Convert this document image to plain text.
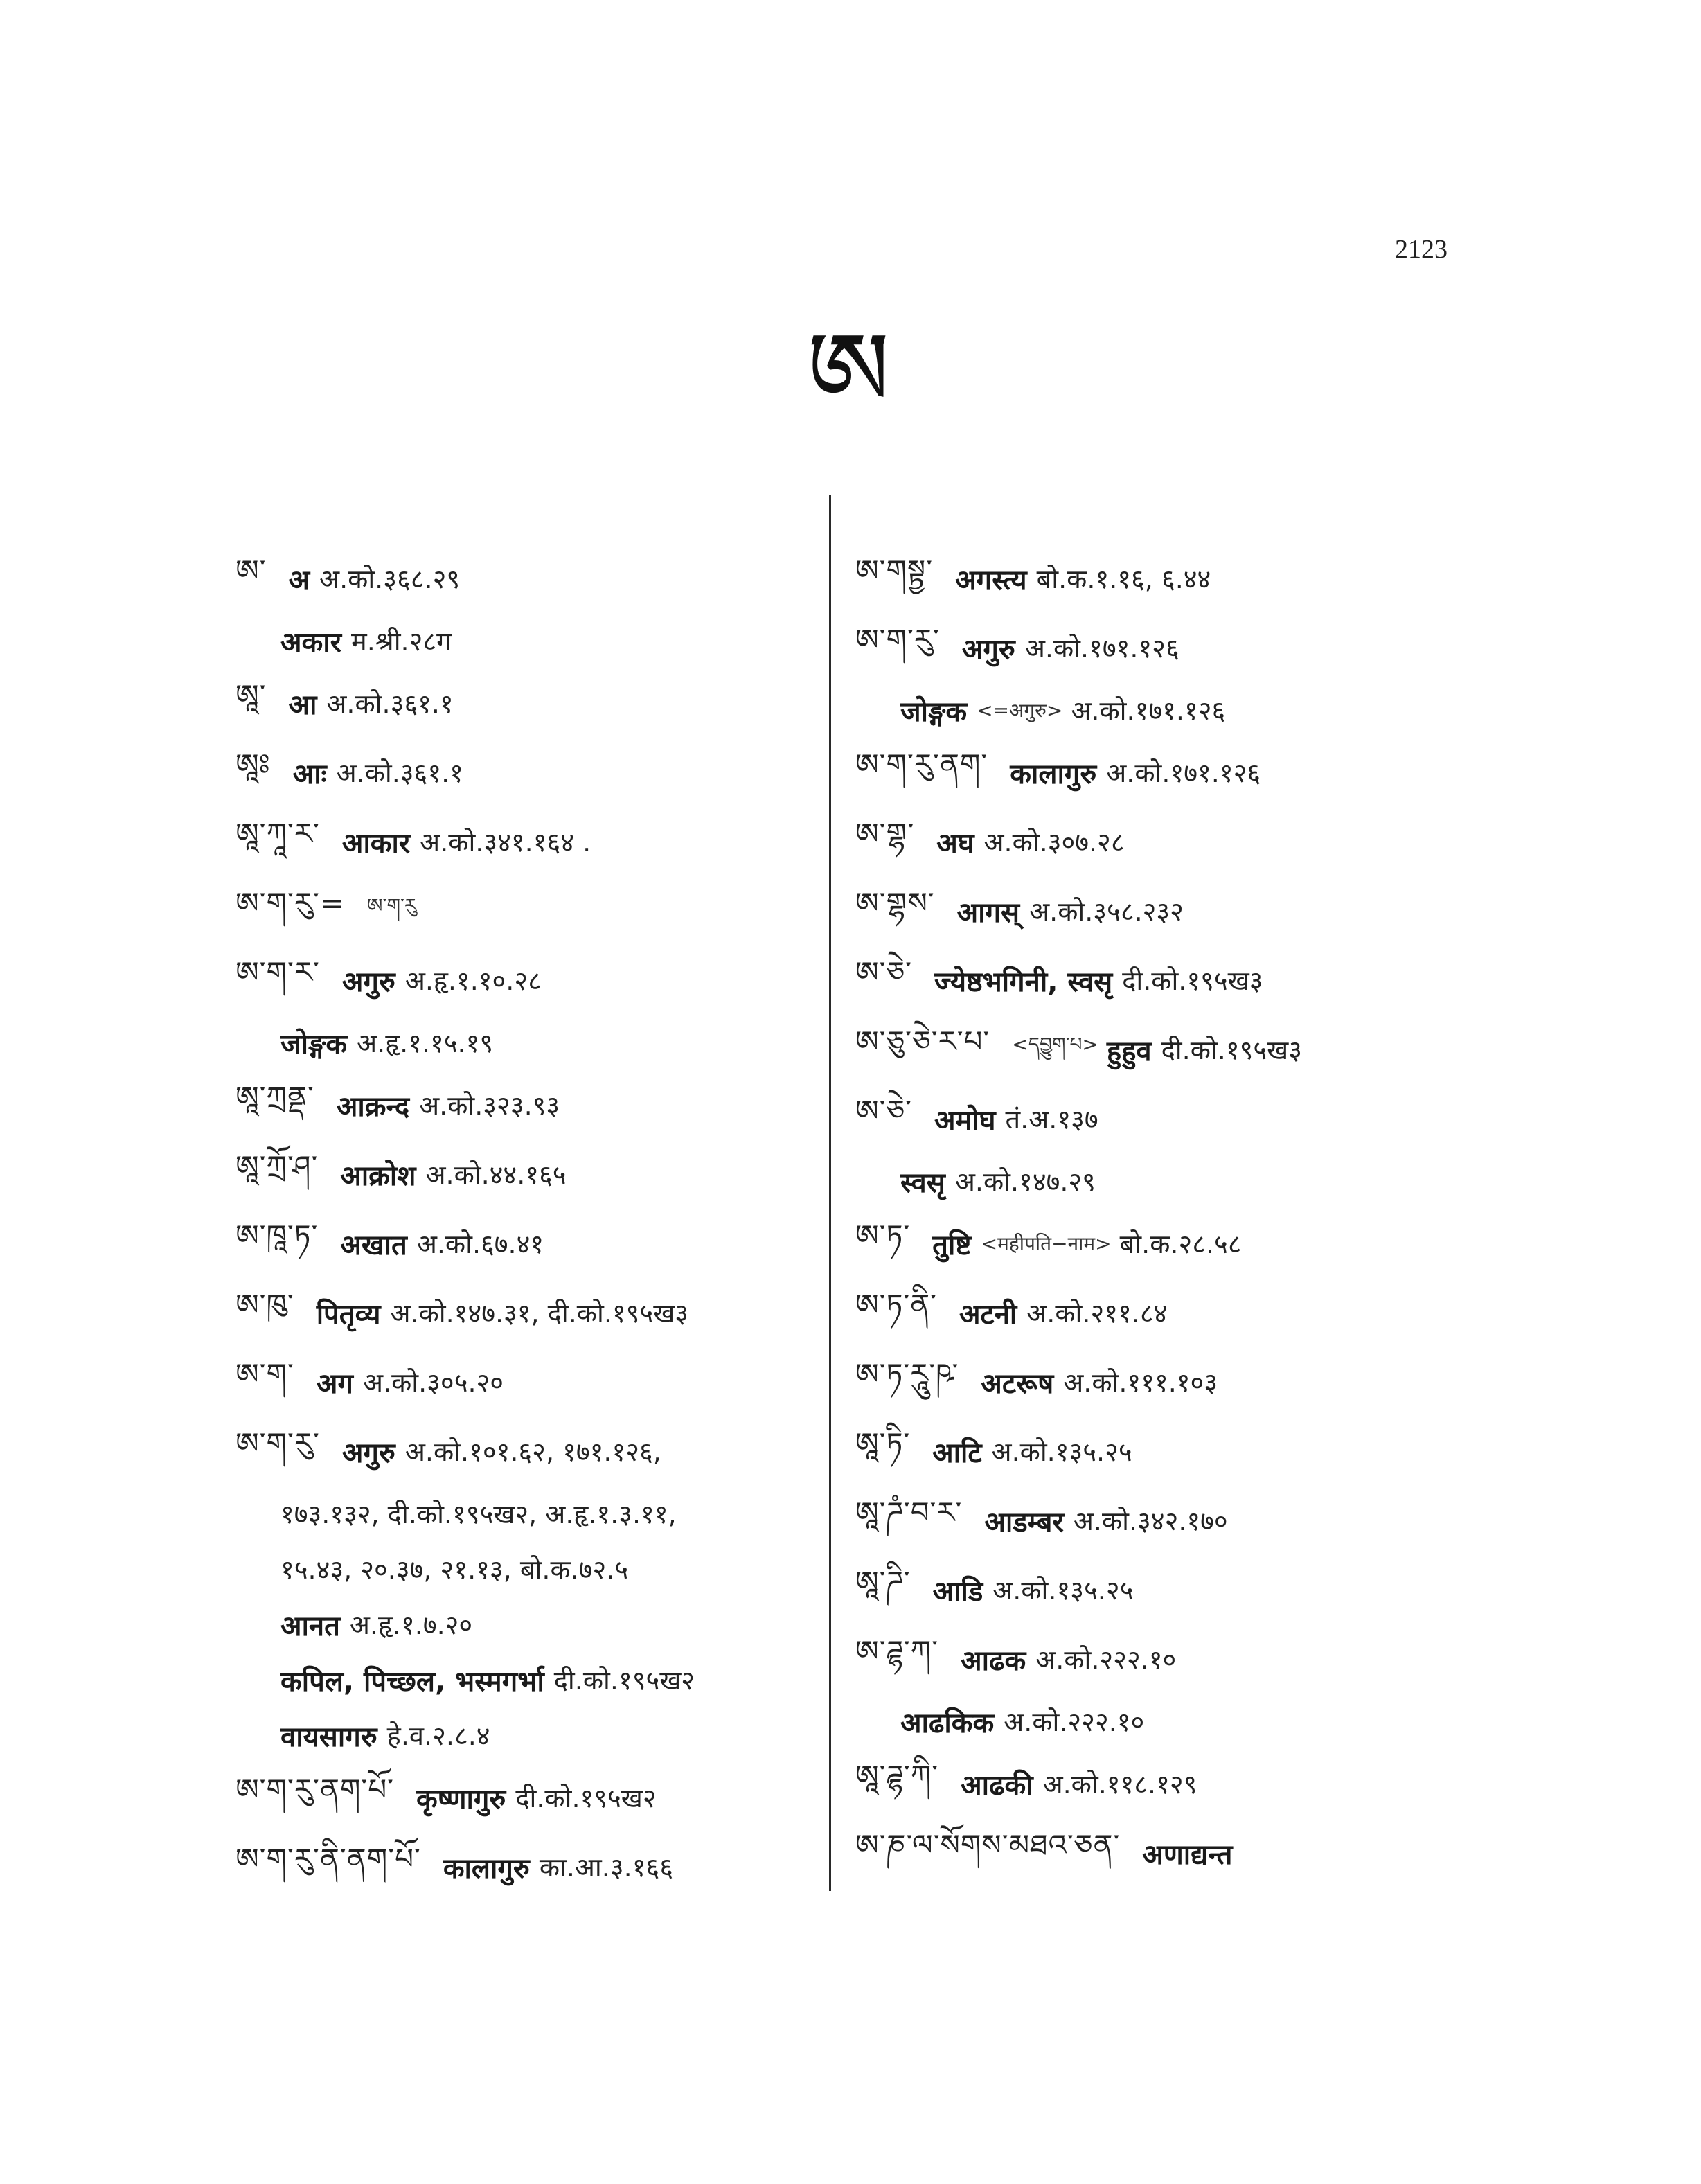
2123
ཨ
ཨ་ अ अ.को.३६८.२९
अकार म.श्री.२८ग
ཨཱ་ आ अ.को.३६१.१
ཨཱཿ आः अ.को.३६१.१
ཨཱ་ཀཱ་ར་ आकार अ.को.३४१.१६४ .
ཨ་ག་རུ་= ཨ་ག་རུ
ཨ་ག་ར་ अगुरु अ.हृ.१.१०.२८
जोङ्गक अ.हृ.१.१५.१९
ཨཱ་ཀྲནྡ་ आक्रन्द अ.को.३२३.९३
ཨཱ་ཀྲོ་ཤ་ आक्रोश अ.को.४४.१६५
ཨ་ཁཱ་ཏ་ अखात अ.को.६७.४१
ཨ་ཁུ་ पितृव्य अ.को.१४७.३१, दी.को.१९५ख३
ཨ་ག་ अग अ.को.३०५.२०
ཨ་ག་རུ་ अगुरु अ.को.१०१.६२, १७१.१२६,
१७३.१३२, दी.को.१९५ख२, अ.हृ.१.३.११,
१५.४३, २०.३७, २१.१३, बो.क.७२.५
आनत अ.हृ.१.७.२०
कपिल, पिच्छल, भस्मगर्भा दी.को.१९५ख२
वायसागरु हे.व.२.८.४
ཨ་ག་རུ་ནག་པོ་ कृष्णागुरु दी.को.१९५ख२
ཨ་ག་རུ་ནི་ནག་པོ་ कालागुरु का.आ.३.१६६
ཨ་གསྟྱ་ अगस्त्य बो.क.१.१६, ६.४४
ཨ་ག་རུ་ अगुरु अ.को.१७१.१२६
जोङ्गक <=अगुरु> अ.को.१७१.१२६
ཨ་ག་རུ་ནག་ कालागुरु अ.को.१७१.१२६
ཨ་གྷ་ अघ अ.को.३०७.२८
ཨ་གྷས་ आगस् अ.को.३५८.२३२
ཨ་ཅེ་ ज्येष्ठभगिनी, स्वसृ दी.को.१९५ख३
ཨ་ཅུ་ཅེ་ར་པ་ <དབྱུག་པ> हुहुव दी.को.१९५ख३
ཨ་ཅེ་ अमोघ तं.अ.१३७
स्वसृ अ.को.१४७.२९
ཨ་ཏ་ तुष्टि <महीपति−नाम> बो.क.२८.५८
ཨ་ཏ་ནི་ अटनी अ.को.२११.८४
ཨ་ཏ་རཱུ་ཥ་ अटरूष अ.को.१११.१०३
ཨཱ་ཏི་ आटि अ.को.१३५.२५
ཨཱ་ཌཾ་བ་ར་ आडम्बर अ.को.३४२.१७०
ཨཱ་ཌི་ आडि अ.को.१३५.२५
ཨ་ཌྷ་ཀ་ आढक अ.को.२२२.१०
आढकिक अ.को.२२२.१०
ཨཱ་ཌྷ་ཀི་ आढकी अ.को.११८.१२९
ཨ་ཎ་ལ་སོགས་མཐའ་ཅན་ अणाद्यन्त
